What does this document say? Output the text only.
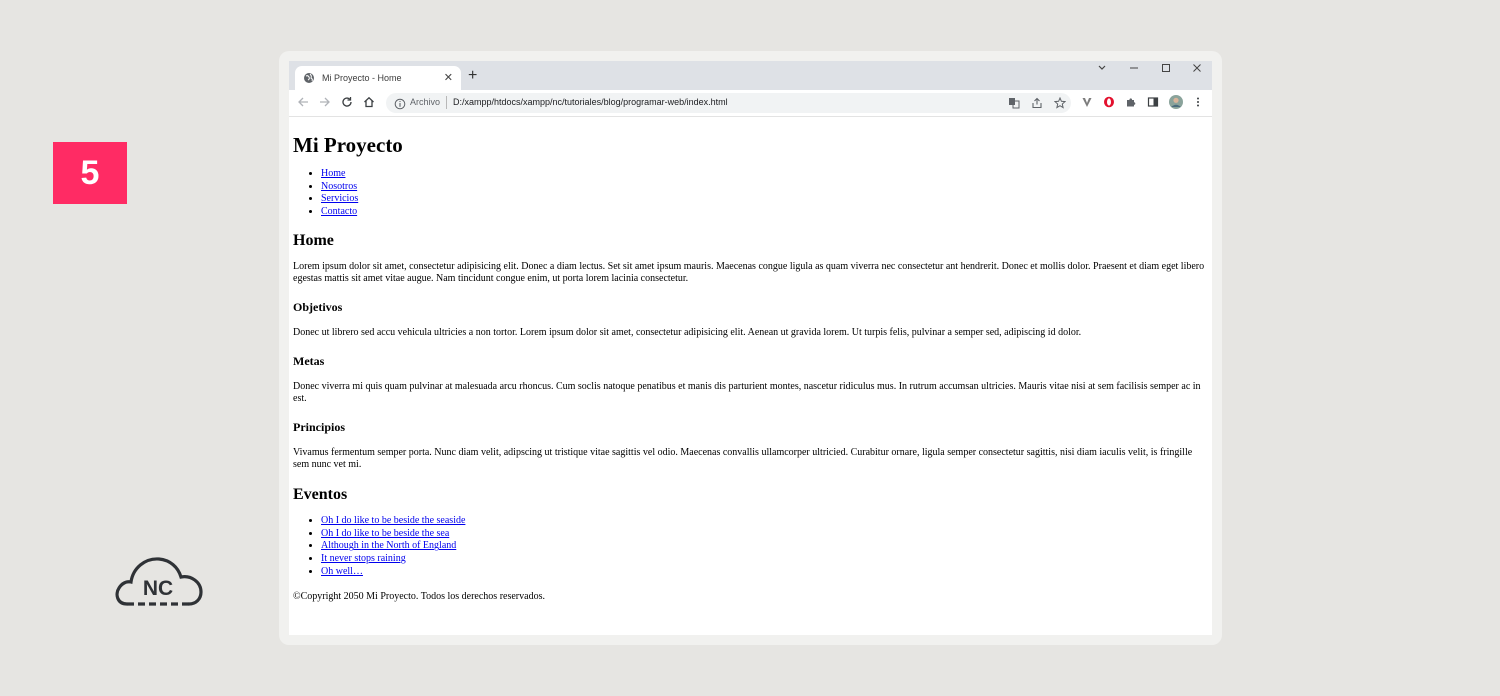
5
NC
Mi Proyecto - Home	✕ +
Archivo D:/xampp/htdocs/xampp/nc/tutoriales/blog/programar-web/index.html
Mi Proyecto
• Home
• Nosotros
• Servicios
• Contacto
Home

Lorem ipsum dolor sit amet, consectetur adipisicing elit. Donec a diam lectus. Set sit amet ipsum mauris. Maecenas congue ligula as quam viverra nec consectetur ant hendrerit. Donec et mollis dolor. Praesent et diam eget libero egestas mattis sit amet vitae augue. Nam tincidunt congue enim, ut porta lorem lacinia consectetur.

Objetivos

Donec ut librero sed accu vehicula ultricies a non tortor. Lorem ipsum dolor sit amet, consectetur adipisicing elit. Aenean ut gravida lorem. Ut turpis felis, pulvinar a semper sed, adipiscing id dolor.

Metas

Donec viverra mi quis quam pulvinar at malesuada arcu rhoncus. Cum soclis natoque penatibus et manis dis parturient montes, nascetur ridiculus mus. In rutrum accumsan ultricies. Mauris vitae nisi at sem facilisis semper ac in est.

Principios

Vivamus fermentum semper porta. Nunc diam velit, adipscing ut tristique vitae sagittis vel odio. Maecenas convallis ullamcorper ultricied. Curabitur ornare, ligula semper consectetur sagittis, nisi diam iaculis velit, is fringille sem nunc vet mi.

Eventos
• Oh I do like to be beside the seaside
• Oh I do like to be beside the sea
• Although in the North of England
• It never stops raining
• Oh well…

©Copyright 2050 Mi Proyecto. Todos los derechos reservados.
